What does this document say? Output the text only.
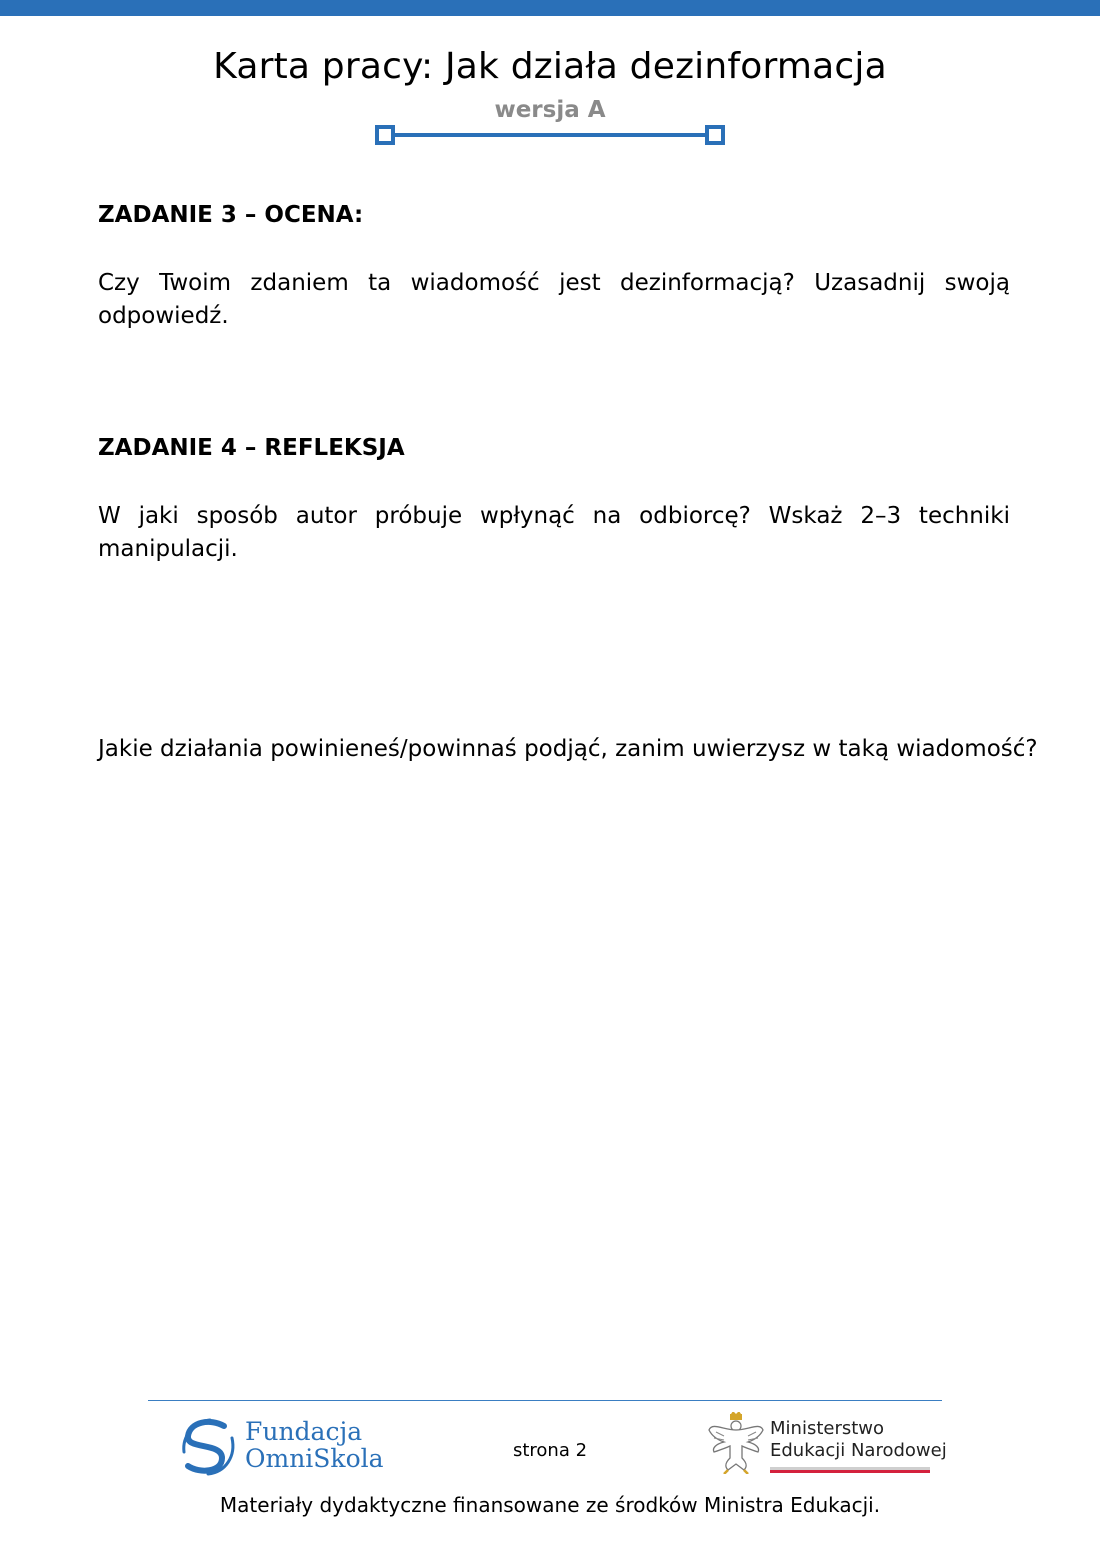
Karta pracy: Jak działa dezinformacja
wersja A
ZADANIE 3 – OCENA:
Czy Twoim zdaniem ta wiadomość jest dezinformacją? Uzasadnij swoją odpowiedź.
ZADANIE 4 – REFLEKSJA
W jaki sposób autor próbuje wpłynąć na odbiorcę? Wskaż 2–3 techniki manipulacji.
Jakie działania powinieneś/powinnaś podjąć, zanim uwierzysz w taką wiadomość?
Fundacja
OmniSkola	strona 2
Ministerstwo
Edukacji Narodowej
Materiały dydaktyczne finansowane ze środków Ministra Edukacji.
